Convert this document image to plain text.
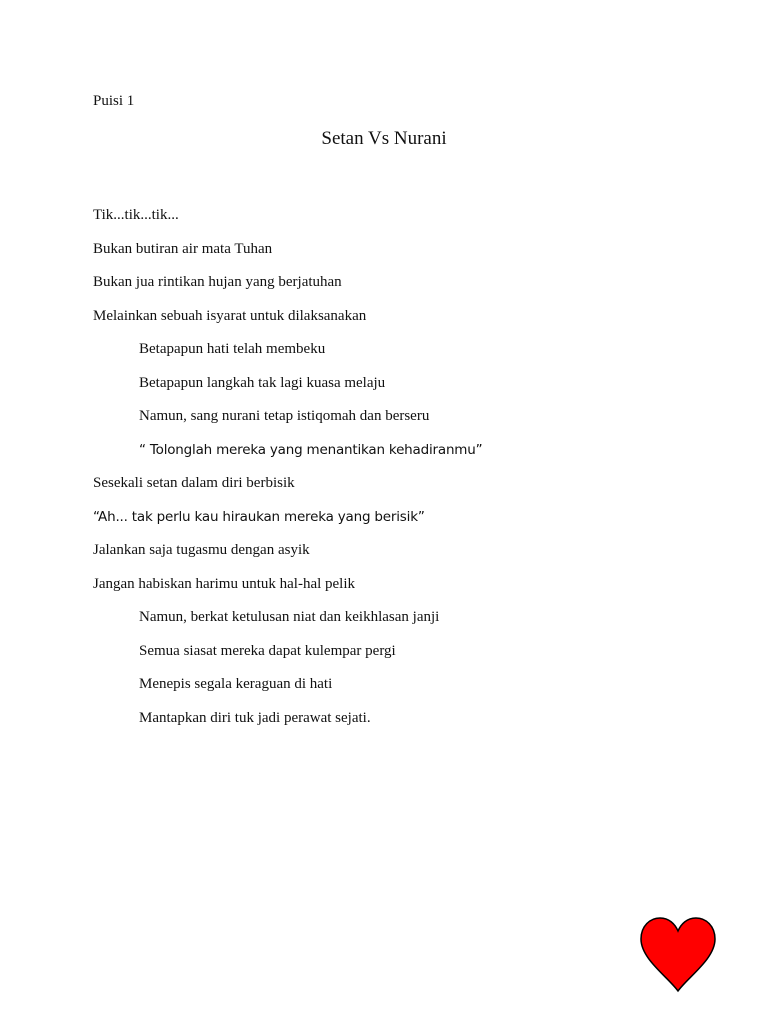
Puisi 1
Setan Vs Nurani
Tik...tik...tik...
Bukan butiran air mata Tuhan
Bukan jua rintikan hujan yang berjatuhan
Melainkan sebuah isyarat untuk dilaksanakan
Betapapun hati telah membeku
Betapapun langkah tak lagi kuasa melaju
Namun, sang nurani tetap istiqomah dan berseru
“ Tolonglah mereka yang menantikan kehadiranmu”
Sesekali setan dalam diri berbisik
“Ah... tak perlu kau hiraukan mereka yang berisik”
Jalankan saja tugasmu dengan asyik
Jangan habiskan harimu untuk hal-hal pelik
Namun, berkat ketulusan niat dan keikhlasan janji
Semua siasat mereka dapat kulempar pergi
Menepis segala keraguan di hati
Mantapkan diri tuk jadi perawat sejati.
